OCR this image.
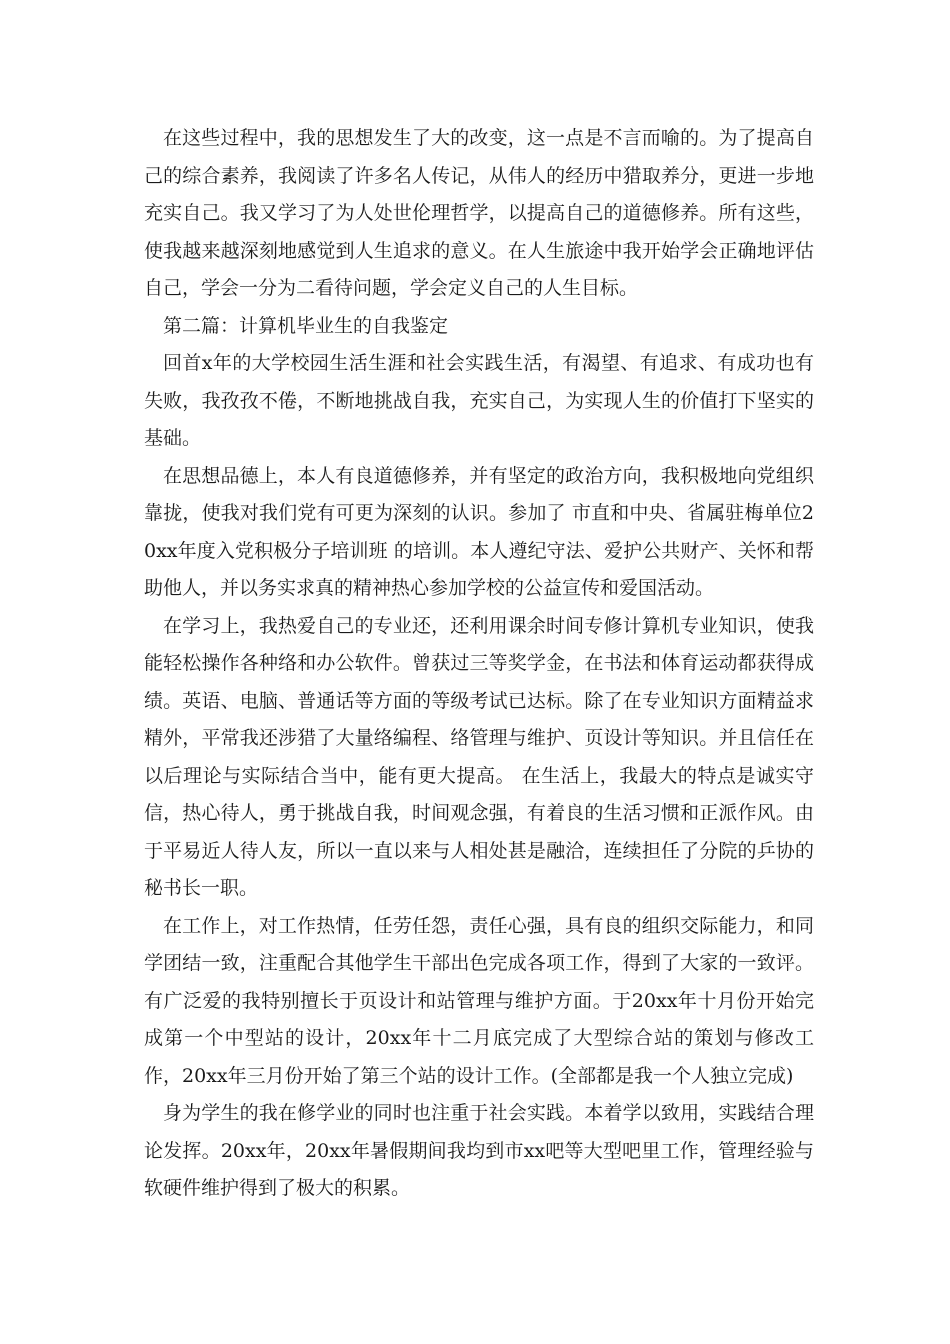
在这些过程中，我的思想发生了大的改变，这一点是不言而喻的。为了提高自己的综合素养，我阅读了许多名人传记，从伟人的经历中猎取养分，更进一步地充实自己。我又学习了为人处世伦理哲学，以提高自己的道德修养。所有这些，使我越来越深刻地感觉到人生追求的意义。在人生旅途中我开始学会正确地评估自己，学会一分为二看待问题，学会定义自己的人生目标。

第二篇：计算机毕业生的自我鉴定

回首x年的大学校园生活生涯和社会实践生活，有渴望、有追求、有成功也有失败，我孜孜不倦，不断地挑战自我，充实自己，为实现人生的价值打下坚实的基础。

在思想品德上，本人有良道德修养，并有坚定的政治方向，我积极地向党组织靠拢，使我对我们党有可更为深刻的认识。参加了 市直和中央、省属驻梅单位20xx年度入党积极分子培训班 的培训。本人遵纪守法、爱护公共财产、关怀和帮助他人，并以务实求真的精神热心参加学校的公益宣传和爱国活动。

在学习上，我热爱自己的专业还，还利用课余时间专修计算机专业知识，使我能轻松操作各种络和办公软件。曾获过三等奖学金，在书法和体育运动都获得成绩。英语、电脑、普通话等方面的等级考试已达标。除了在专业知识方面精益求精外，平常我还涉猎了大量络编程、络管理与维护、页设计等知识。并且信任在以后理论与实际结合当中，能有更大提高。 在生活上，我最大的特点是诚实守信，热心待人，勇于挑战自我，时间观念强，有着良的生活习惯和正派作风。由于平易近人待人友，所以一直以来与人相处甚是融洽，连续担任了分院的乒协的秘书长一职。

在工作上，对工作热情，任劳任怨，责任心强，具有良的组织交际能力，和同学团结一致，注重配合其他学生干部出色完成各项工作，得到了大家的一致评。 有广泛爱的我特别擅长于页设计和站管理与维护方面。于20xx年十月份开始完成第一个中型站的设计，20xx年十二月底完成了大型综合站的策划与修改工作，20xx年三月份开始了第三个站的设计工作。(全部都是我一个人独立完成)

身为学生的我在修学业的同时也注重于社会实践。本着学以致用，实践结合理论发挥。20xx年，20xx年暑假期间我均到市xx吧等大型吧里工作，管理经验与软硬件维护得到了极大的积累。
